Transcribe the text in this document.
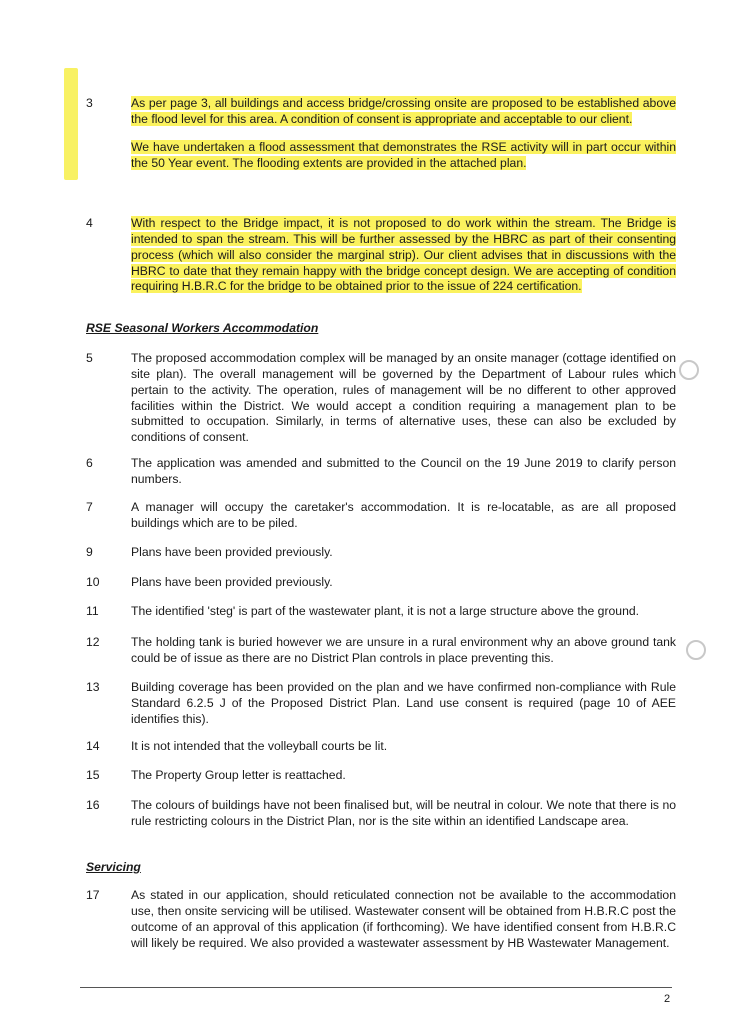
3	As per page 3, all buildings and access bridge/crossing onsite are proposed to be established above the flood level for this area. A condition of consent is appropriate and acceptable to our client.
We have undertaken a flood assessment that demonstrates the RSE activity will in part occur within the 50 Year event. The flooding extents are provided in the attached plan.
4	With respect to the Bridge impact, it is not proposed to do work within the stream. The Bridge is intended to span the stream. This will be further assessed by the HBRC as part of their consenting process (which will also consider the marginal strip). Our client advises that in discussions with the HBRC to date that they remain happy with the bridge concept design. We are accepting of condition requiring H.B.R.C for the bridge to be obtained prior to the issue of 224 certification.
RSE Seasonal Workers Accommodation
5	The proposed accommodation complex will be managed by an onsite manager (cottage identified on site plan). The overall management will be governed by the Department of Labour rules which pertain to the activity. The operation, rules of management will be no different to other approved facilities within the District. We would accept a condition requiring a management plan to be submitted to occupation. Similarly, in terms of alternative uses, these can also be excluded by conditions of consent.
6	The application was amended and submitted to the Council on the 19 June 2019 to clarify person numbers.
7	A manager will occupy the caretaker's accommodation. It is re-locatable, as are all proposed buildings which are to be piled.
9	Plans have been provided previously.
10	Plans have been provided previously.
11	The identified 'steg' is part of the wastewater plant, it is not a large structure above the ground.
12	The holding tank is buried however we are unsure in a rural environment why an above ground tank could be of issue as there are no District Plan controls in place preventing this.
13	Building coverage has been provided on the plan and we have confirmed non-compliance with Rule Standard 6.2.5 J of the Proposed District Plan. Land use consent is required (page 10 of AEE identifies this).
14	It is not intended that the volleyball courts be lit.
15	The Property Group letter is reattached.
16	The colours of buildings have not been finalised but, will be neutral in colour. We note that there is no rule restricting colours in the District Plan, nor is the site within an identified Landscape area.
Servicing
17	As stated in our application, should reticulated connection not be available to the accommodation use, then onsite servicing will be utilised. Wastewater consent will be obtained from H.B.R.C post the outcome of an approval of this application (if forthcoming). We have identified consent from H.B.R.C will likely be required. We also provided a wastewater assessment by HB Wastewater Management.
2
